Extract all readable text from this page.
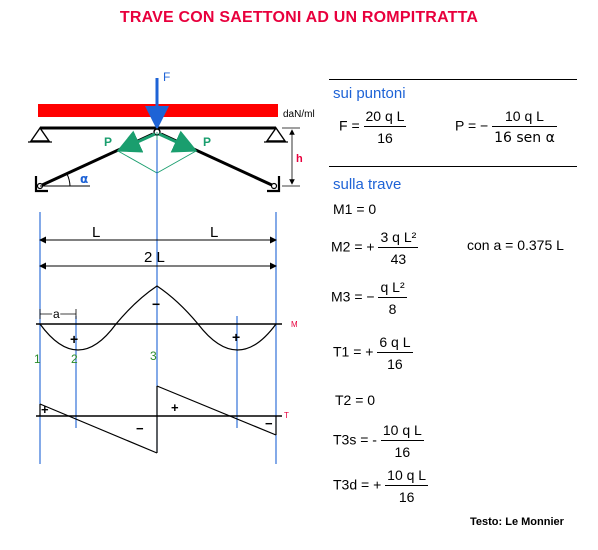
TRAVE CON SAETTONI AD UN ROMPITRATTA
daN/ml
F
P	P
α
h
L	L
2 L
M
+
−
+
a
1	2	3
T
+	+
−	−
sui puntoni
$F = \frac{\text{20 q L}}{16}$	P = − $\frac{\text{10 q L}}{\text{16 sen α}}$
sulla trave
M1 = 0
M2 = + $\frac{\text{3 q L²}}{43}$	con a = 0.375 L
M3 = − $\frac{\text{q L²}}{8}$
T1 = + $\frac{\text{6 q L}}{16}$
T2 = 0
T3s = - $\frac{\text{10 q L}}{16}$
T3d = + $\frac{\text{10 q L}}{16}$
Testo: Le Monnier
